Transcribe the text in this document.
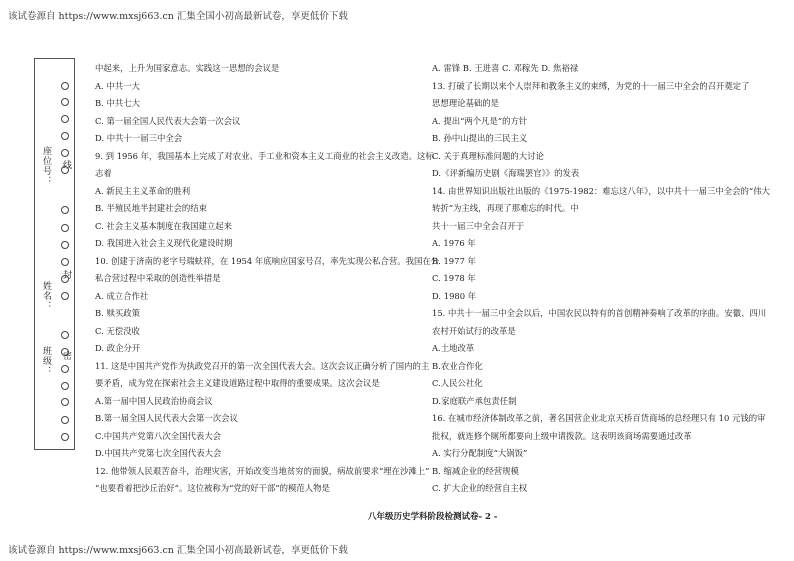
该试卷源自 https://www.mxsj663.cn 汇集全国小初高最新试卷，享更低价下载
座位号：
姓名：
班级：
线
封
密
中起来，上升为国家意志。实践这一思想的会议是
A. 中共一大
B. 中共七大
C. 第一届全国人民代表大会第一次会议
D. 中共十一届三中全会
9. 到 1956 年，我国基本上完成了对农业、手工业和资本主义工商业的社会主义改造。这标
志着
A. 新民主主义革命的胜利
B. 半殖民地半封建社会的结束
C. 社会主义基本制度在我国建立起来
D. 我国进入社会主义现代化建设时期
10. 创建于济南的老字号瑞蚨祥，在 1954 年底响应国家号召，率先实现公私合营。我国在公
私合营过程中采取的创造性举措是
A. 成立合作社
B. 赎买政策
C. 无偿没收
D. 政企分开
11. 这是中国共产党作为执政党召开的第一次全国代表大会。这次会议正确分析了国内的主
要矛盾，成为党在探索社会主义建设道路过程中取得的重要成果。这次会议是
A.第一届中国人民政治协商会议
B.第一届全国人民代表大会第一次会议
C.中国共产党第八次全国代表大会
D.中国共产党第七次全国代表大会
12. 他带领人民艰苦奋斗，治理灾害，开始改变当地贫穷的面貌，病故前要求“埋在沙滩上”
“也要看着把沙丘治好”。这位被称为“党的好干部”的模范人物是
A. 雷锋 B. 王进喜 C. 邓稼先 D. 焦裕禄
13. 打破了长期以来个人崇拜和教条主义的束缚，为党的十一届三中全会的召开奠定了
思想理论基础的是
A. 提出“两个凡是”的方针
B. 孙中山提出的三民主义
C. 关于真理标准问题的大讨论
D.《评新编历史剧《海瑞罢官》》的发表
14. 由世界知识出版社出版的《1975-1982：难忘这八年》，以中共十一届三中全会的“伟大
转折”为主线，再现了那难忘的时代。中
共十一届三中全会召开于
A. 1976 年
B. 1977 年
C. 1978 年
D. 1980 年
15. 中共十一届三中全会以后，中国农民以特有的首创精神奏响了改革的序曲。安徽、四川
农村开始试行的改革是
A.土地改革
B.农业合作化
C.人民公社化
D.家庭联产承包责任制
16. 在城市经济体制改革之前，著名国营企业北京天桥百货商场的总经理只有 10 元钱的审
批权，就连修个厕所都要向上级申请拨款。这表明该商场需要通过改革
A. 实行分配制度“大锅饭”
B. 缩减企业的经营规模
C. 扩大企业的经营自主权
八年级历史学科阶段检测试卷- 2 -
该试卷源自 https://www.mxsj663.cn 汇集全国小初高最新试卷，享更低价下载
